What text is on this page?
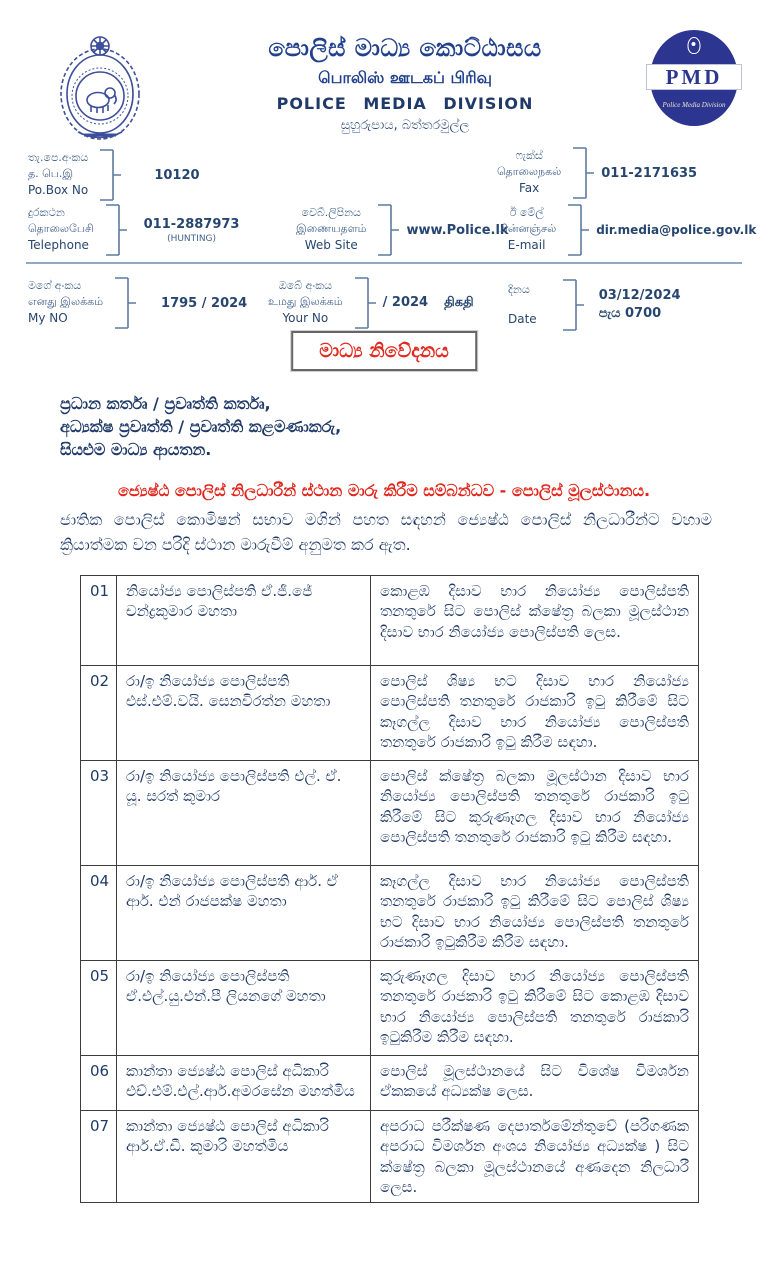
පොලිස් මාධ්‍ය කොට්ඨාසය
பொலிஸ் ஊடகப் பிரிவு
POLICE MEDIA DIVISION
සුහුරුපාය, බත්තරමුල්ල
PMD
Police Media Division
තැ.පෙ.අංකය
த. பெ.இ
Po.Box No
10120
ෆැක්ස්
தொலைநகல்
Fax
011-2171635
දුරකථන
தொலைபேசி
Telephone
011-2887973
(HUNTING)
වෙබ්.ලිපිනය
இணையதளம்
Web Site
www.Police.lk
ඊ මේල්
மின்னஞ்சல்
E-mail
dir.media@police.gov.lk
මගේ අංකය
எனது இலக்கம்
My NO
1795 / 2024
ඔබේ අංකය
உமது இலக்கம்
Your No
/ 2024 திகதி
දිනය
Date
03/12/2024
පැය 0700
මාධ්‍ය නිවේදනය
ප්‍රධාන කර්තෘ / ප්‍රවෘත්ති කර්තෘ,
අධ්‍යක්ෂ ප්‍රවෘත්ති / ප්‍රවෘත්ති කළමණාකරු,
සියළුම මාධ්‍ය ආයතන.
ජ්‍යෙෂ්ඨ පොලිස් නිලධාරීන් ස්ථාන මාරු කිරීම සම්බන්ධව - පොලිස් මූලස්ථානය.
ජාතික පොලිස් කොමිෂන් සභාව මගින් පහත සඳහන් ජ්‍යෙෂ්ඨ පොලිස් නිලධාරීන්ට වහාම ක්‍රියාත්මක වන පරිදි ස්ථාන මාරුවීම් අනුමත කර ඇත.
01	නියෝජ්‍ය පොලිස්පති ඒ.ජී.ජේ චන්ද්‍රකුමාර මහතා	කොළඹ දිසාව භාර නියෝජ්‍ය පොලිස්පති තනතුරේ සිට පොලිස් ක්ෂේත්‍ර බලකා මූලස්ථාන දිසාව භාර නියෝජ්‍ය පොලිස්පති ලෙස.
02	රා/ඉ නියෝජ්‍ය පොලිස්පති එස්.එම්.වයි. සෙනවිරත්න මහතා	පොලිස් ශිෂ්‍ය භට දිසාව භාර නියෝජ්‍ය පොලිස්පති තනතුරේ රාජකාරි ඉටු කිරීමේ සිට කෑගල්ල දිසාව භාර නියෝජ්‍ය පොලිස්පති තනතුරේ රාජකාරි ඉටු කිරීම සඳහා.
03	රා/ඉ නියෝජ්‍ය පොලිස්පති එල්. ඒ. යූ. සරත් කුමාර	පොලිස් ක්ෂේත්‍ර බලකා මූලස්ථාන දිසාව භාර නියෝජ්‍ය පොලිස්පති තනතුරේ රාජකාරි ඉටු කිරීමේ සිට කුරුණෑගල දිසාව භාර නියෝජ්‍ය පොලිස්පති තනතුරේ රාජකාරි ඉටු කිරීම සඳහා.
04	රා/ඉ නියෝජ්‍ය පොලිස්පති ආර්. ඒ ආර්. එන් රාජපක්ෂ මහතා	කෑගල්ල දිසාව භාර නියෝජ්‍ය පොලිස්පති තනතුරේ රාජකාරි ඉටු කිරීමේ සිට පොලිස් ශිෂ්‍ය භට දිසාව භාර නියෝජ්‍ය පොලිස්පති තනතුරේ රාජකාරි ඉටුකිරීම කිරීම සඳහා.
05	රා/ඉ නියෝජ්‍ය පොලිස්පති ඒ.එල්.යු.එන්.පී ලියනගේ මහතා	කුරුණෑගල දිසාව භාර නියෝජ්‍ය පොලිස්පති තනතුරේ රාජකාරි ඉටු කිරීමේ සිට කොළඹ දිසාව භාර නියෝජ්‍ය පොලිස්පති තනතුරේ රාජකාරි ඉටුකිරීම කිරීම සඳහා.
06	කාන්තා ජ්‍යෙෂ්ඨ පොලිස් අධිකාරි එච්.එම්.එල්.ආර්.අමරසේන මහත්මිය	පොලිස් මූලස්ථානයේ සිට විශේෂ විමර්ශන ඒකකයේ අධ්‍යක්ෂ ලෙස.
07	කාන්තා ජ්‍යෙෂ්ඨ පොලිස් අධිකාරි ආර්.ඒ.ඩී. කුමාරි මහත්මිය	අපරාධ පරීක්ෂණ දෙපාර්තමේන්තුවේ (පරිගණක අපරාධ විමර්ශන අංශය නියෝජ්‍ය අධ්‍යක්ෂ ) සිට ක්ෂේත්‍ර බලකා මූලස්ථානයේ අණදෙන නිලධාරී ලෙස.
